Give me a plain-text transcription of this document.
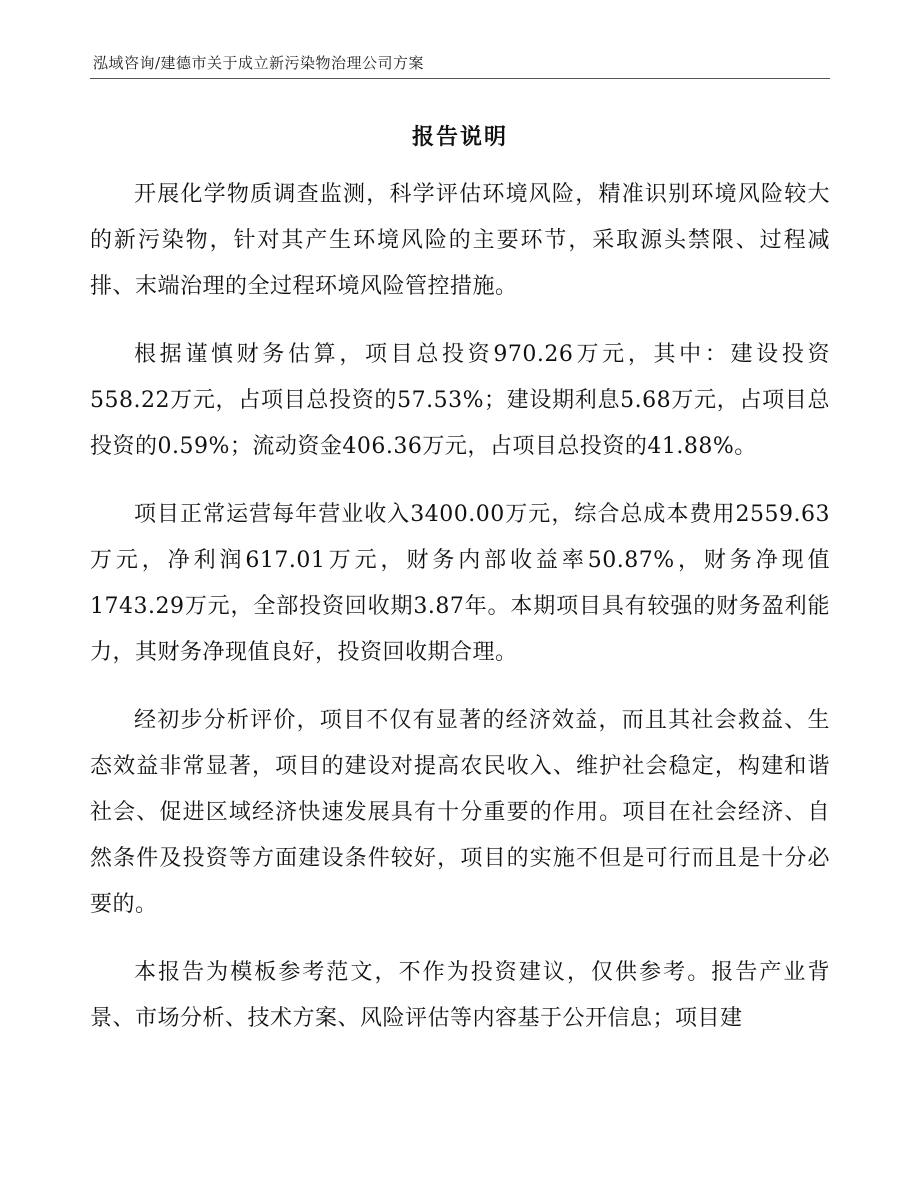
泓域咨询/建德市关于成立新污染物治理公司方案
报告说明

开展化学物质调查监测，科学评估环境风险，精准识别环境风险较大的新污染物，针对其产生环境风险的主要环节，采取源头禁限、过程减排、末端治理的全过程环境风险管控措施。

根据谨慎财务估算，项目总投资970.26万元，其中：建设投资558.22万元，占项目总投资的57.53%；建设期利息5.68万元，占项目总投资的0.59%；流动资金406.36万元，占项目总投资的41.88%。

项目正常运营每年营业收入3400.00万元，综合总成本费用2559.63万元，净利润617.01万元，财务内部收益率50.87%，财务净现值1743.29万元，全部投资回收期3.87年。本期项目具有较强的财务盈利能力，其财务净现值良好，投资回收期合理。

经初步分析评价，项目不仅有显著的经济效益，而且其社会救益、生态效益非常显著，项目的建设对提高农民收入、维护社会稳定，构建和谐社会、促进区域经济快速发展具有十分重要的作用。项目在社会经济、自然条件及投资等方面建设条件较好，项目的实施不但是可行而且是十分必要的。

本报告为模板参考范文，不作为投资建议，仅供参考。报告产业背景、市场分析、技术方案、风险评估等内容基于公开信息；项目建
